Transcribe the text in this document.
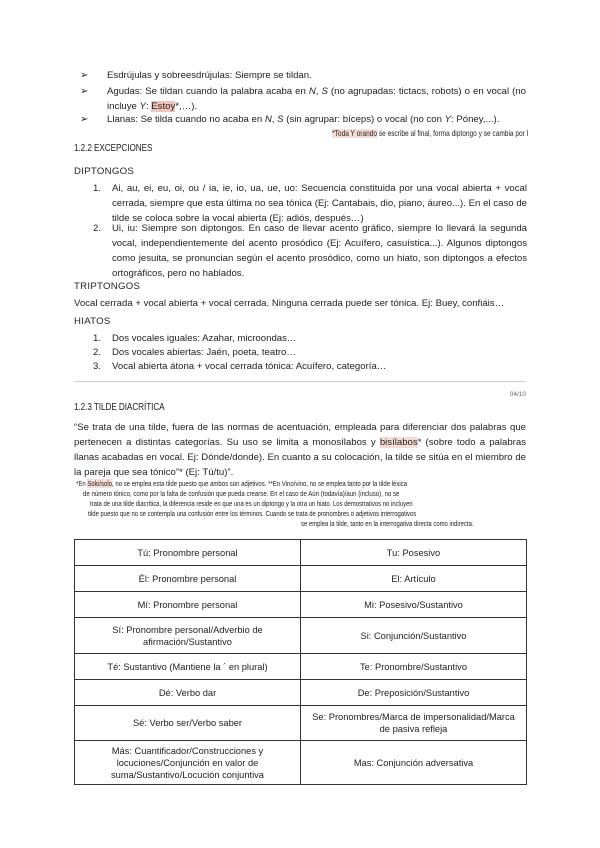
➢ Esdrújulas y sobreesdrújulas: Siempre se tildan.
➢ Agudas: Se tildan cuando la palabra acaba en N, S (no agrupadas: tictacs, robots) o en vocal (no incluye Y: Estoy*,…).
➢ Llanas: Se tilda cuando no acaba en N, S (sin agrupar: bíceps) o vocal (no con Y: Póney,...).
*Toda Y orando se escribe al final, forma diptongo y se cambia por I
1.2.2 EXCEPCIONES
DIPTONGOS
1. Ai, au, ei, eu, oi, ou / ia, ie, io, ua, ue, uo: Secuencia constituida por una vocal abierta + vocal cerrada, siempre que esta última no sea tónica (Ej: Cantabais, dio, piano, áureo...). En el caso de tilde se coloca sobre la vocal abierta (Ej: adiós, después…)
2. Ui, iu: Siempre son diptongos. En caso de llevar acento gráfico, siempre lo llevará la segunda vocal, independientemente del acento prosódico (Ej: Acuífero, casuística...). Algunos diptongos como jesuita, se pronuncian según el acento prosódico, como un hiato, son diptongos a efectos ortográficos, pero no hablados.
TRIPTONGOS
Vocal cerrada + vocal abierta + vocal cerrada. Ninguna cerrada puede ser tónica. Ej: Buey, confiáis…
HIATOS
1. Dos vocales iguales: Azahar, microondas…
2. Dos vocales abiertas: Jaén, poeta, teatro…
3. Vocal abierta átona + vocal cerrada tónica: Acuífero, categoría…
04/10
1.2.3 TILDE DIACRÍTICA
“Se trata de una tilde, fuera de las normas de acentuación, empleada para diferenciar dos palabras que pertenecen a distintas categorías. Su uso se limita a monosílabos y bisílabos* (sobre todo a palabras llanas acabadas en vocal. Ej: Dónde/donde). En cuanto a su colocación, la tilde se sitúa en el miembro de la pareja que sea tónico”* (Ej: Tú/tu)”.
*En Solo/solo, no se emplea esta tilde puesto que ambos son adjetivos. **En Vino/vino, no se emplea tanto por la tilde léxica
de número tónico, como por la falta de confusión que pueda crearse. En el caso de Aún (todavía)/aun (incluso), no se
trata de una tilde diacrítica, la diferencia reside en que una es un diptongo y la otra un hiato. Los demostrativos no incluyen
tilde puesto que no se contempla una confusión entre los términos. Cuando se trata de pronombres o adjetivos interrogativos
se emplea la tilde, tanto en la interrogativa directa como indirecta.
Tú: Pronombre personal	Tu: Posesivo
Él: Pronombre personal	El: Artículo
Mí: Pronombre personal	Mi: Posesivo/Sustantivo
Sí: Pronombre personal/Adverbio de afirmación/Sustantivo	Si: Conjunción/Sustantivo
Té: Sustantivo (Mantiene la ´ en plural)	Te: Pronombre/Sustantivo
Dé: Verbo dar	De: Preposición/Sustantivo
Sé: Verbo ser/Verbo saber	Se: Pronombres/Marca de impersonalidad/Marca de pasiva refleja
Más: Cuantificador/Construcciones y locuciones/Conjunción en valor de suma/Sustantivo/Locución conjuntiva	Mas: Conjunción adversativa
